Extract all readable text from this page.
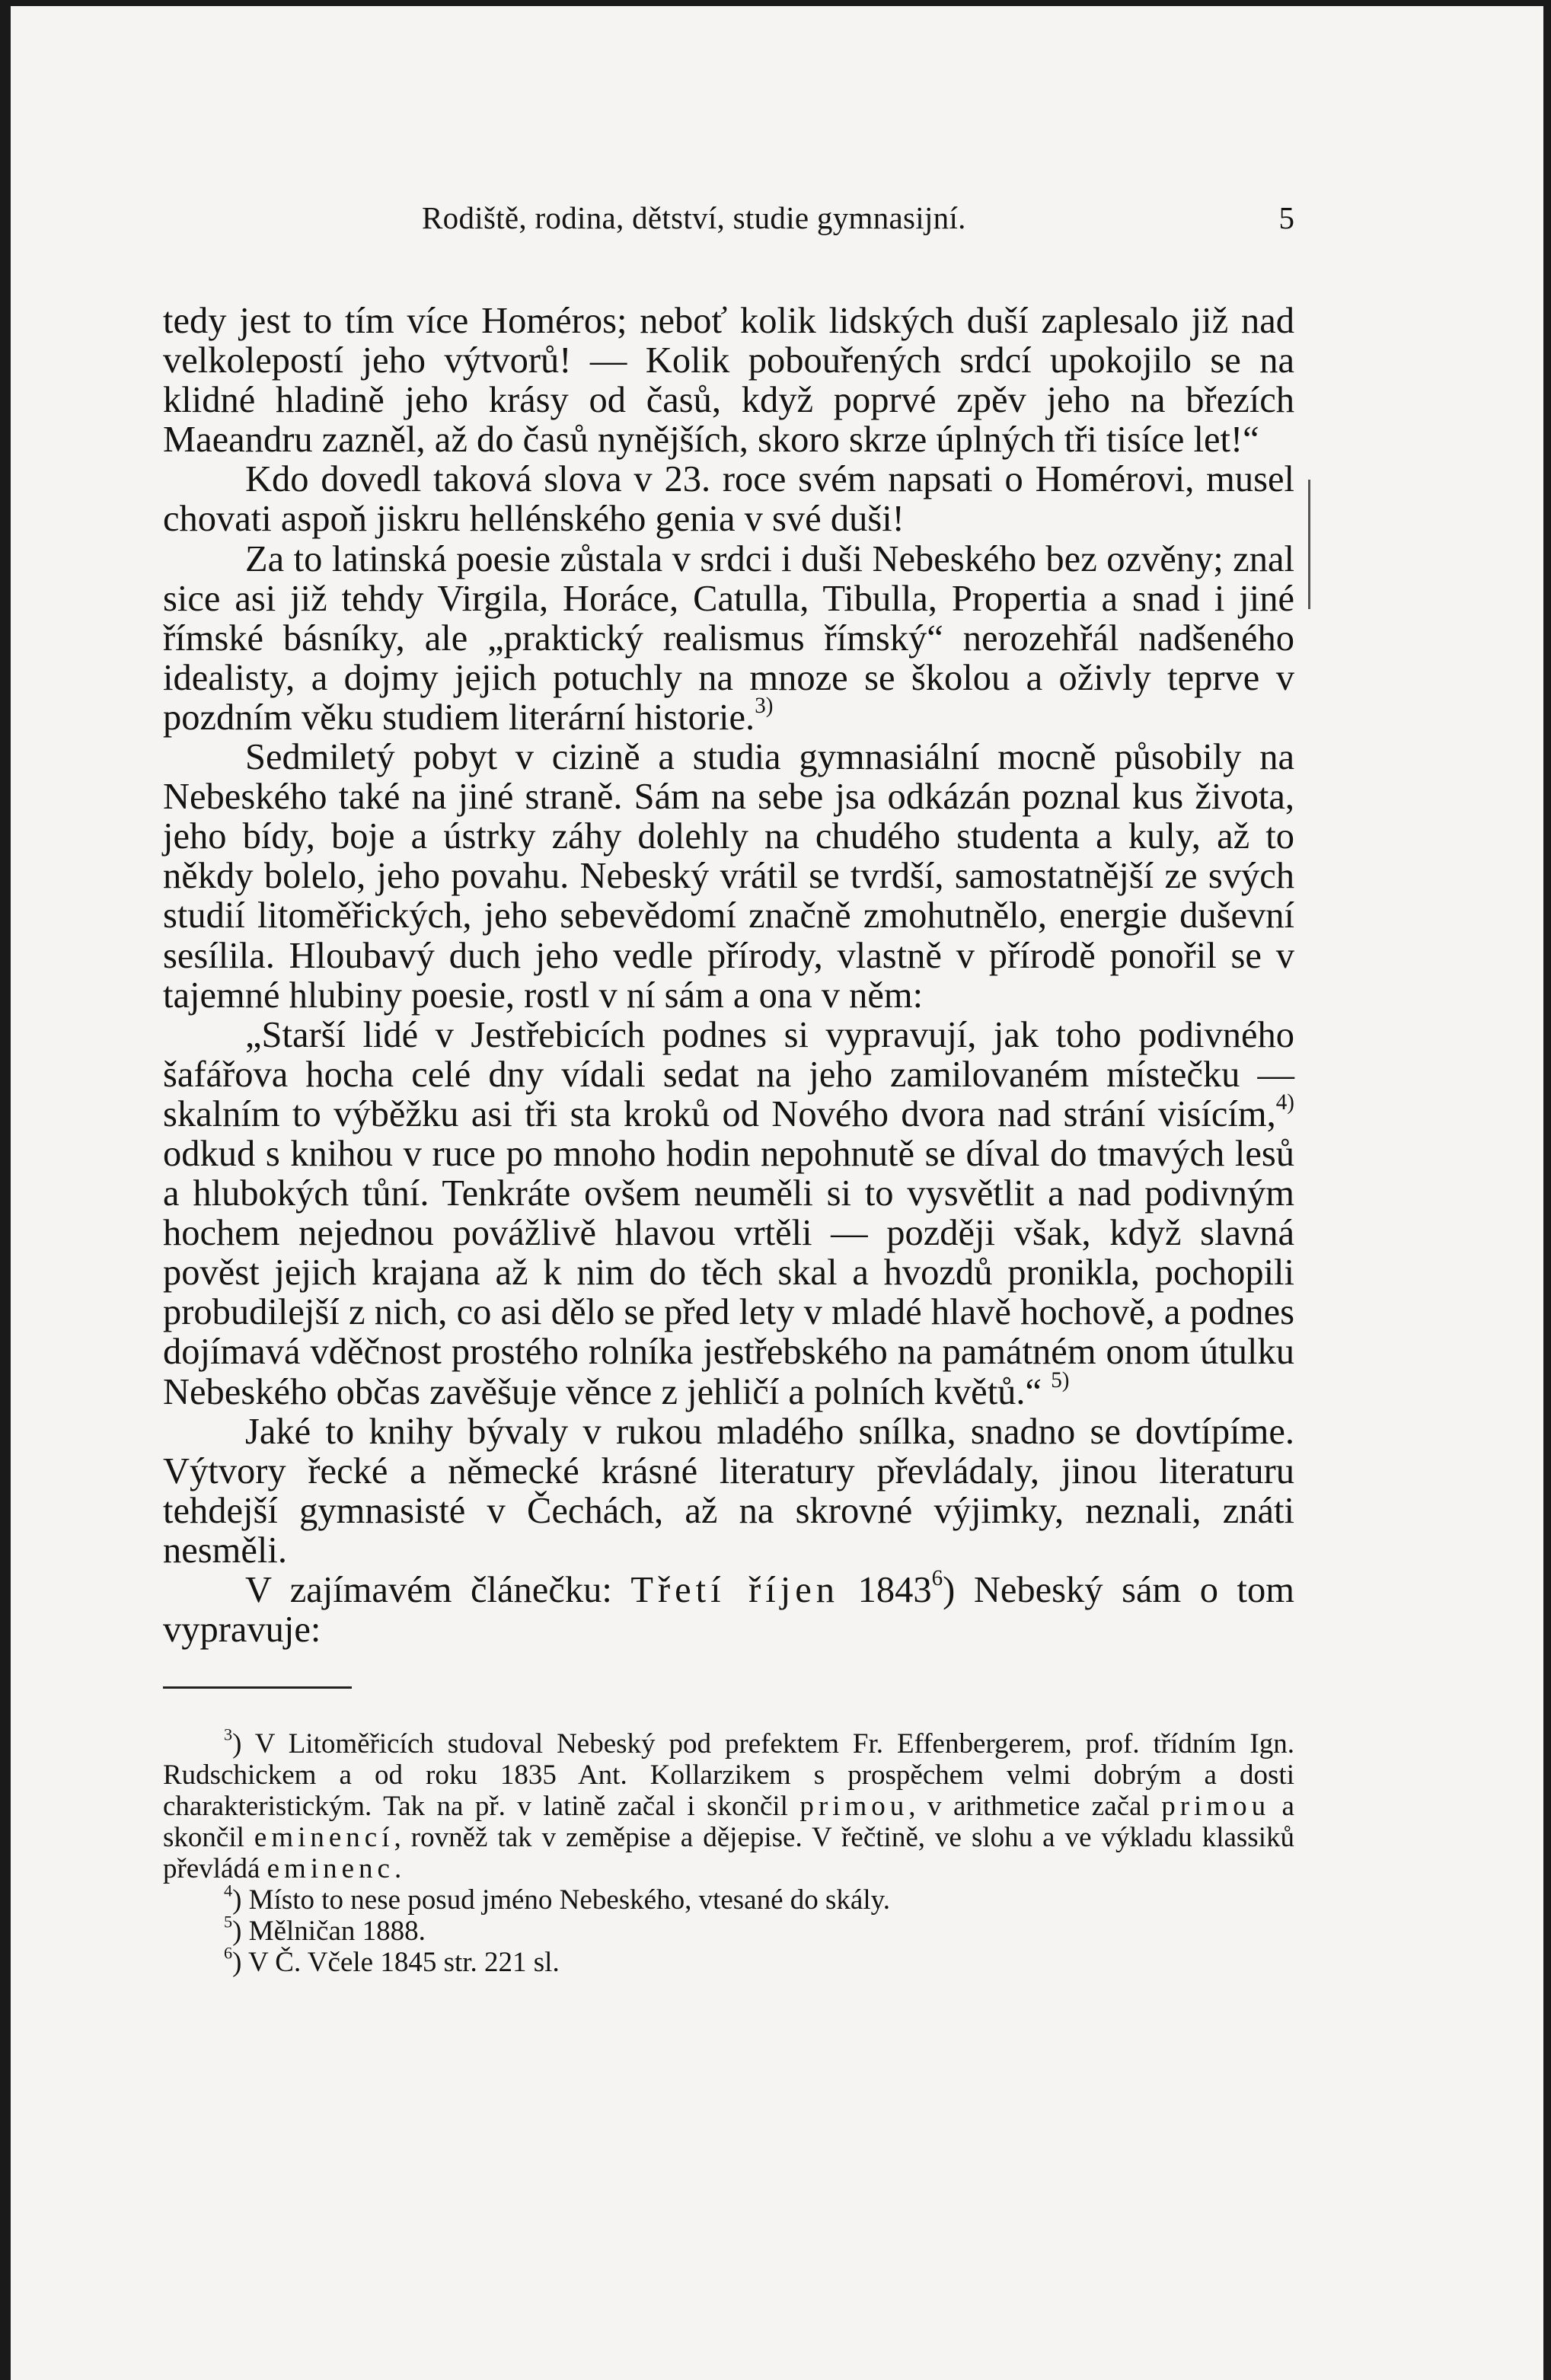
Rodiště, rodina, dětství, studie gymnasijní.	5

tedy jest to tím více Homéros; neboť kolik lidských duší zaplesalo již nad velkolepostí jeho výtvorů! — Kolik pobouřených srdcí upokojilo se na klidné hladině jeho krásy od časů, když poprvé zpěv jeho na březích Maeandru zazněl, až do časů nynějších, skoro skrze úplných tři tisíce let!“

Kdo dovedl taková slova v 23. roce svém napsati o Homérovi, musel chovati aspoň jiskru hellénského genia v své duši!

Za to latinská poesie zůstala v srdci i duši Nebeského bez ozvěny; znal sice asi již tehdy Virgila, Horáce, Catulla, Tibulla, Propertia a snad i jiné římské básníky, ale „praktický realismus římský“ nerozehřál nadšeného idealisty, a dojmy jejich potuchly na mnoze se školou a oživly teprve v pozdním věku studiem literární historie.$^{3)}$

Sedmiletý pobyt v cizině a studia gymnasiální mocně působily na Nebeského také na jiné straně. Sám na sebe jsa odkázán poznal kus života, jeho bídy, boje a ústrky záhy dolehly na chudého studenta a kuly, až to někdy bolelo, jeho povahu. Nebeský vrátil se tvrdší, samostatnější ze svých studií litoměřických, jeho sebevědomí značně zmohutnělo, energie duševní sesílila. Hloubavý duch jeho vedle přírody, vlastně v přírodě ponořil se v tajemné hlubiny poesie, rostl v ní sám a ona v něm:

„Starší lidé v Jestřebicích podnes si vypravují, jak toho podivného šafářova hocha celé dny vídali sedat na jeho zamilovaném místečku — skalním to výběžku asi tři sta kroků od Nového dvora nad strání visícím,$^{4)}$ odkud s knihou v ruce po mnoho hodin nepohnutě se díval do tmavých lesů a hlubokých tůní. Tenkráte ovšem neuměli si to vysvětlit a nad podivným hochem nejednou povážlivě hlavou vrtěli — později však, když slavná pověst jejich krajana až k nim do těch skal a hvozdů pronikla, pochopili probudilejší z nich, co asi dělo se před lety v mladé hlavě hochově, a podnes dojímavá vděčnost prostého rolníka jestřebského na památném onom útulku Nebeského občas zavěšuje věnce z jehličí a polních květů.“ $^{5)}$

Jaké to knihy bývaly v rukou mladého snílka, snadno se dovtípíme. Výtvory řecké a německé krásné literatury převládaly, jinou literaturu tehdejší gymnasisté v Čechách, až na skrovné výjimky, neznali, znáti nesměli.

V zajímavém článečku: Třetí říjen 1843$^6$) Nebeský sám o tom vypravuje:

$^3$) V Litoměřicích studoval Nebeský pod prefektem Fr. Effenbergerem, prof. třídním Ign. Rudschickem a od roku 1835 Ant. Kollarzikem s prospěchem velmi dobrým a dosti charakteristickým. Tak na př. v latině začal i skončil primou, v arithmetice začal primou a skončil eminencí, rovněž tak v zeměpise a dějepise. V řečtině, ve slohu a ve výkladu klassiků převládá eminenc.

$^4$) Místo to nese posud jméno Nebeského, vtesané do skály.

$^5$) Mělničan 1888.

$^6$) V Č. Včele 1845 str. 221 sl.
